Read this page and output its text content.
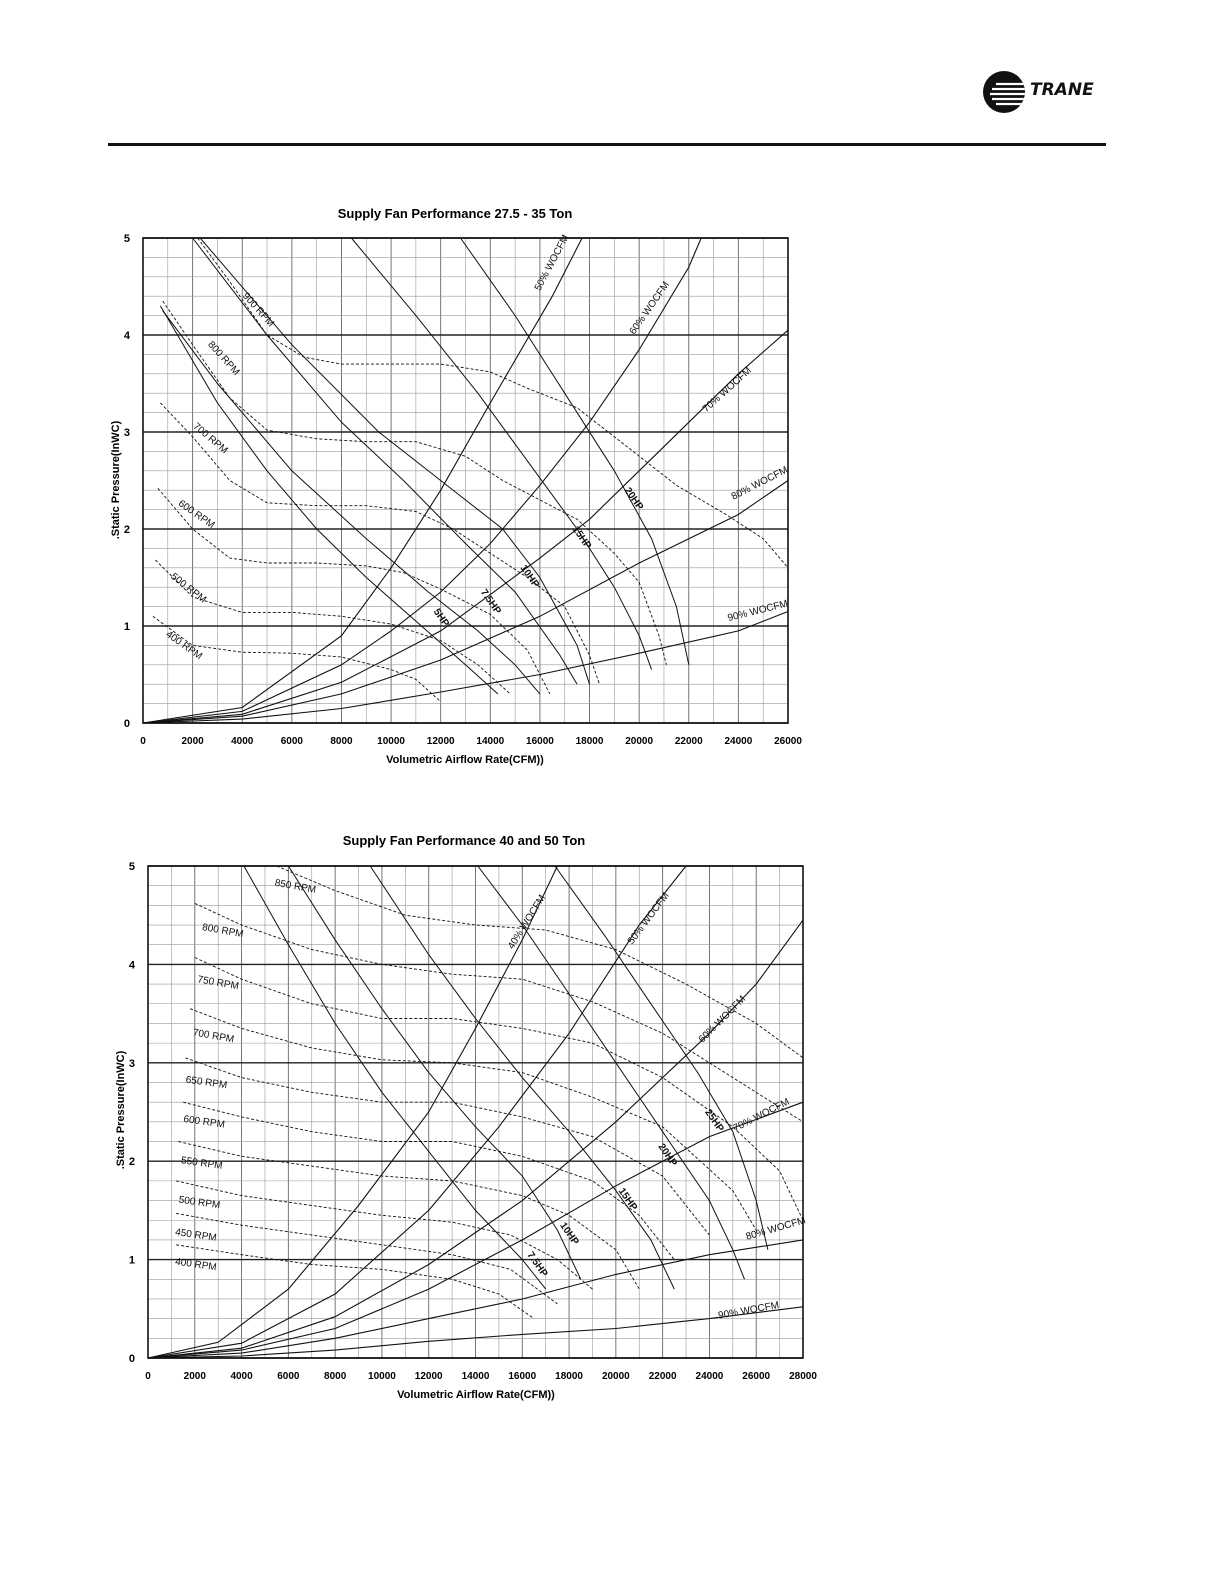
TRANE
Supply Fan Performance 27.5 - 35 Ton
Volumetric Airflow Rate(CFM))
.Static Pressure(InWC)
0	2000	4000	6000	8000 10000 12000 14000 16000 18000 20000 22000 24000 26000
0
1
2
3
4
5
900 RPM
800 RPM
700 RPM
600 RPM
500 RPM
400 RPM
50% WOCFM
60% WOCFM
70% WOCFM
80% WOCFM
90% WOCFM
20HP
15HP
10HP
7.5HP
5HP
Supply Fan Performance 40 and 50 Ton
Volumetric Airflow Rate(CFM))
.Static Pressure(InWC)
0	2000 4000 6000 8000 10000 12000 14000 16000 18000 20000 22000 24000 26000 28000
0
1
2
3
4
5
850 RPM
800 RPM
750 RPM
700 RPM
650 RPM
600 RPM
550 RPM
500 RPM
450 RPM
400 RPM
40% WOCFM	50% WOCFM
60% WOCFM
70% WOCFM
80% WOCFM
90% WOCFM
25HP
20HP
15HP
10HP
7.5HP
